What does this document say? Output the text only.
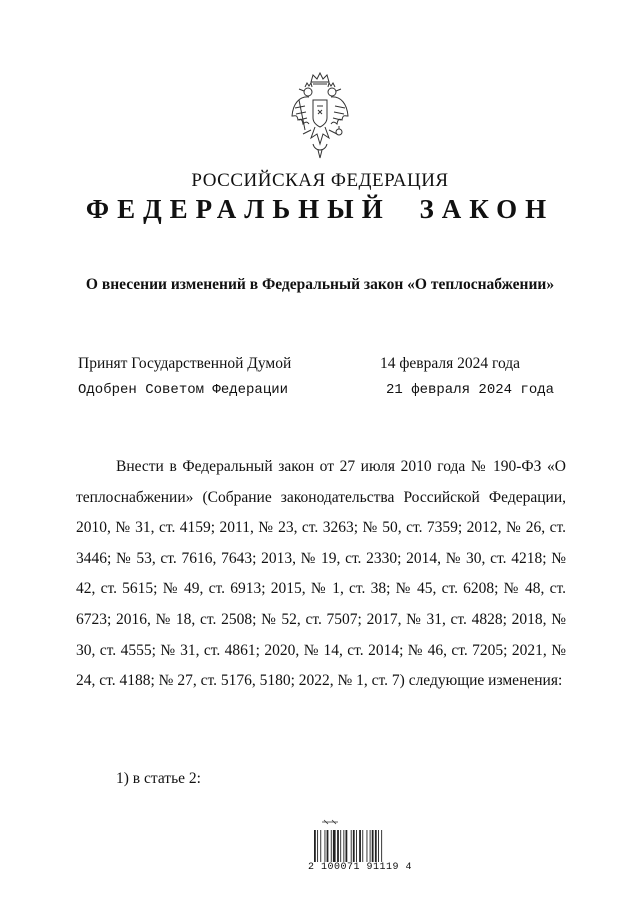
РОССИЙСКАЯ ФЕДЕРАЦИЯ
ФЕДЕРАЛЬНЫЙ ЗАКОН
О внесении изменений в Федеральный закон «О теплоснабжении»
Принят Государственной Думой	14 февраля 2024 года
Одобрен Советом Федерации	21 февраля 2024 года

Внести в Федеральный закон от 27 июля 2010 года № 190-ФЗ «О теплоснабжении» (Собрание законодательства Российской Федерации, 2010, № 31, ст. 4159; 2011, № 23, ст. 3263; № 50, ст. 7359; 2012, № 26, ст. 3446; № 53, ст. 7616, 7643; 2013, № 19, ст. 2330; 2014, № 30, ст. 4218; № 42, ст. 5615; № 49, ст. 6913; 2015, № 1, ст. 38; № 45, ст. 6208; № 48, ст. 6723; 2016, № 18, ст. 2508; № 52, ст. 7507; 2017, № 31, ст. 4828; 2018, № 30, ст. 4555; № 31, ст. 4861; 2020, № 14, ст. 2014; № 46, ст. 7205; 2021, № 24, ст. 4188; № 27, ст. 5176, 5180; 2022, № 1, ст. 7) следующие изменения:

1) в статье 2:
2 100071 91119 4
